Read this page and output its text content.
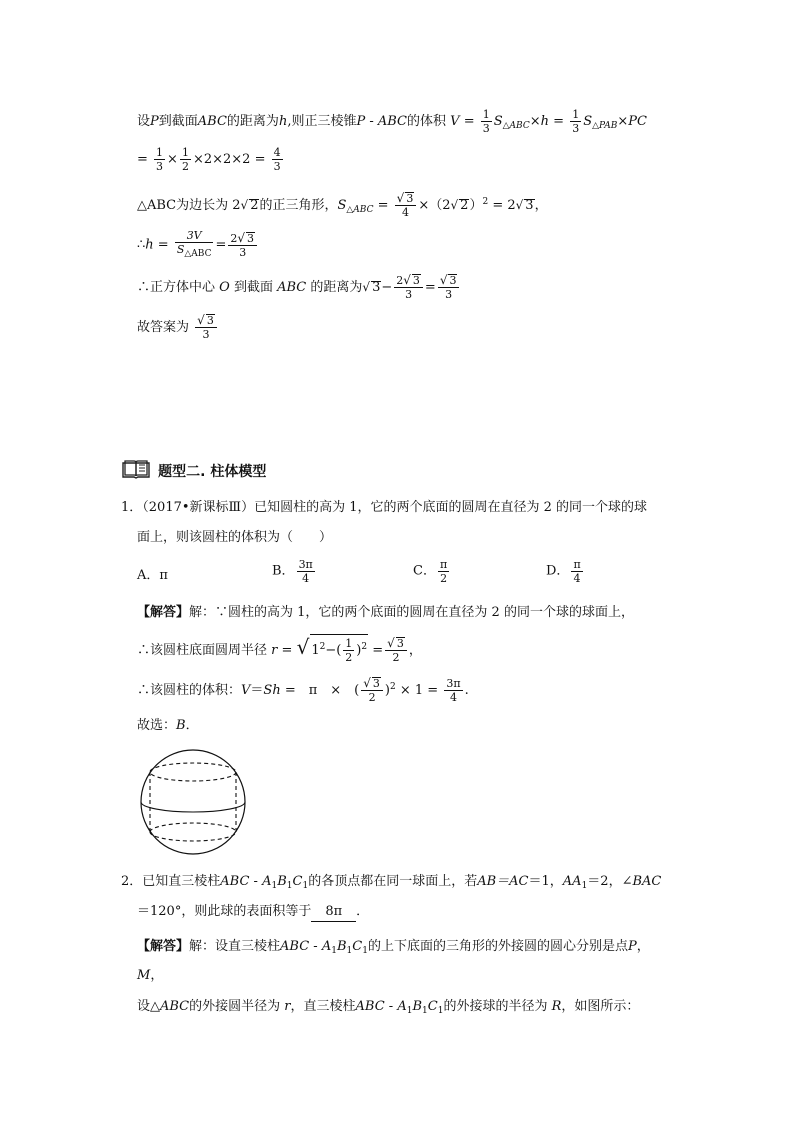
设P到截面ABC的距离为h,则正三棱锥P - ABC的体积 $V = \frac{1}{3} S_{\triangle ABC}\times h = \frac{1}{3} S_{\triangle PAB}\times PC$
= $\frac{1}{3} \times \frac{1}{2} \times 2\times 2\times 2 = \frac{4}{3}$
△ABC为边长为 2√ 2的正三角形，$S_{\triangle ABC} = \frac{√ 3}{4} \times(2√$ 2）$^2$ = 2√ 3，
∴h = $\frac{3V}{S_{\triangle ABC}} = \frac{2√ 3}{3}$
∴正方体中心 O 到截面 ABC 的距离为√ $3- \frac{2√ 3}{3} = \frac{√ 3}{3}$
故答案为 $\frac{√ 3}{3}$
题型二. 柱体模型
1．（2017•新课标Ⅲ）已知圆柱的高为 1，它的两个底面的圆周在直径为 2 的同一个球的球
面上，则该圆柱的体积为（　　）
A．π	B． $\frac{3\pi}{4}$	C． $\frac{\pi}{2}$	D． $\frac{\pi}{4}$
【解答】解：∵圆柱的高为 1，它的两个底面的圆周在直径为 2 的同一个球的球面上，
∴该圆柱底面圆周半径 r = √ $1^2-( \frac{1}{2} )^2 = \frac{√ 3}{2}$ ，
∴该圆柱的体积：V＝Sh =　π　×　( $\frac{√ 3}{2} )^2 \times 1 = \frac{3\pi}{4}$ .
故选：B．
2．已知直三棱柱ABC - $A_1B_1C_1$的各顶点都在同一球面上，若AB＝AC＝1，$AA_1=2$，∠BAC
＝120°，则此球的表面积等于 8π ．
【解答】解：设直三棱柱ABC - $A_1B_1C_1$的上下底面的三角形的外接圆的圆心分别是点P，
M，
设△ABC的外接圆半径为 r，直三棱柱ABC - $A_1B_1C_1$的外接球的半径为 R，如图所示：
